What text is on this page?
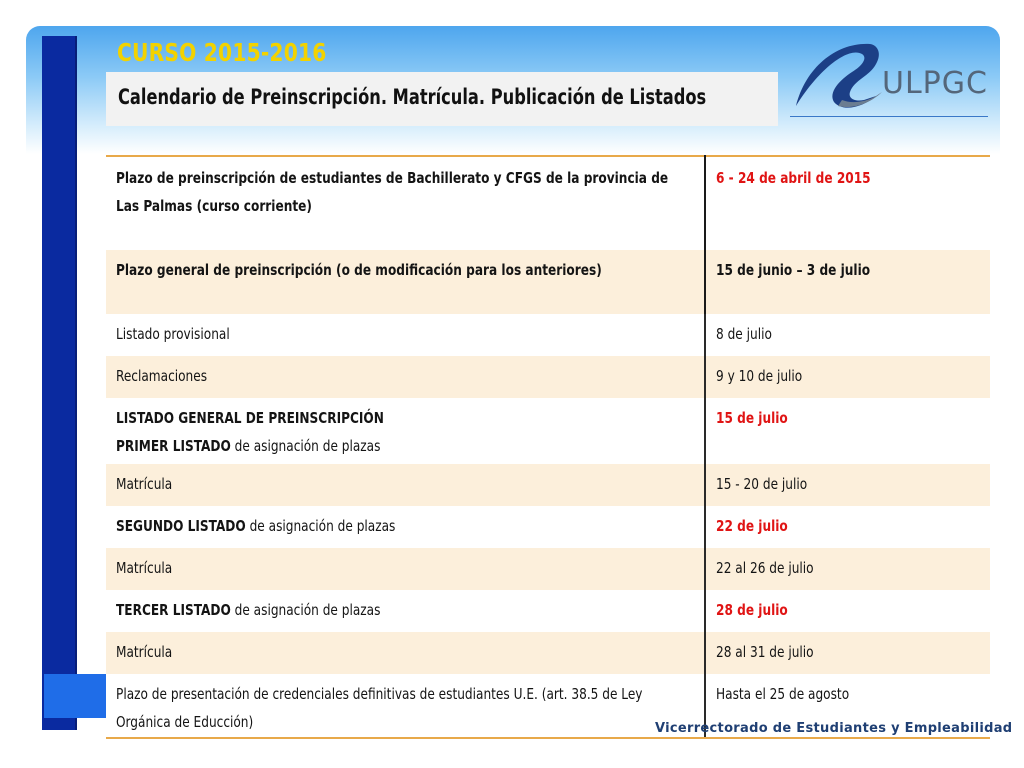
CURSO 2015-2016
Calendario de Preinscripción. Matrícula. Publicación de Listados	ULPGC
Plazo de preinscripción de estudiantes de Bachillerato y CFGS de la provincia de Las Palmas (curso corriente)	6 - 24 de abril de 2015
Plazo general de preinscripción (o de modificación para los anteriores)	15 de junio – 3 de julio
Listado provisional	8 de julio
Reclamaciones	9 y 10 de julio
LISTADO GENERAL DE PREINSCRIPCIÓN
PRIMER LISTADO de asignación de plazas	15 de julio
Matrícula	15 - 20 de julio
SEGUNDO LISTADO de asignación de plazas	22 de julio
Matrícula	22 al 26 de julio
TERCER LISTADO de asignación de plazas	28 de julio
Matrícula	28 al 31 de julio
Plazo de presentación de credenciales definitivas de estudiantes U.E. (art. 38.5 de Ley Orgánica de Educción)	Hasta el 25 de agosto
Vicerrectorado de Estudiantes y Empleabilidad
